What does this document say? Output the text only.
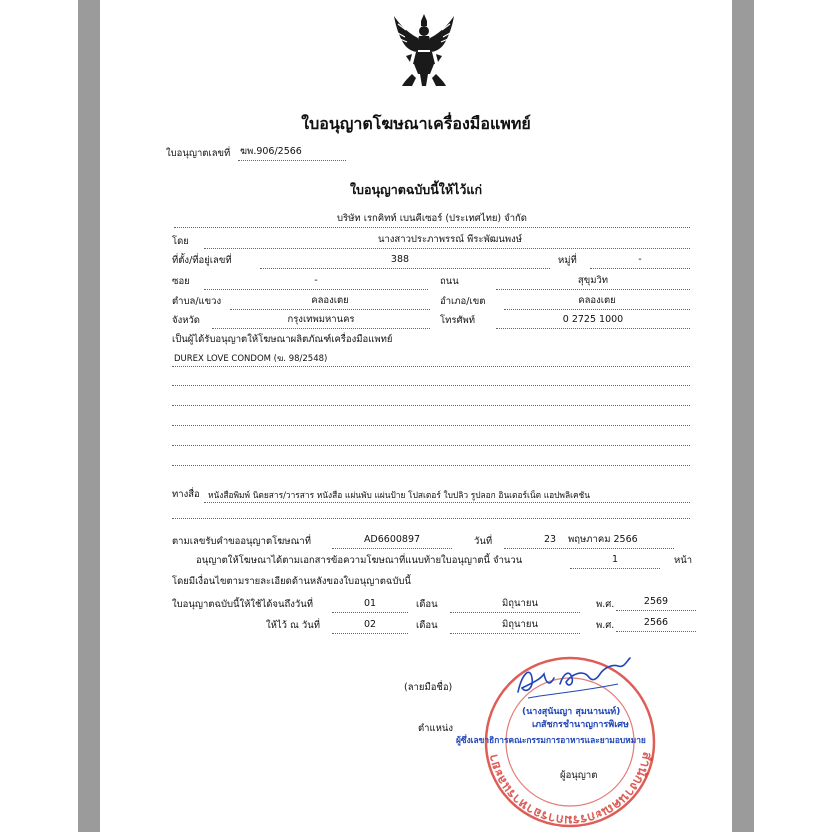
ใบอนุญาตโฆษณาเครื่องมือแพทย์
ใบอนุญาตเลขที่ ฆพ.906/2566
ใบอนุญาตฉบับนี้ให้ไว้แก่
บริษัท เรกคิทท์ เบนคีเซอร์ (ประเทศไทย) จำกัด
โดย	นางสาวประภาพรรณ์ พีระพัฒนพงษ์
ที่ตั้ง/ที่อยู่เลขที่	388	หมู่ที่	-
ซอย	-	ถนน	สุขุมวิท
ตำบล/แขวง	คลองเตย	อำเภอ/เขต	คลองเตย
จังหวัด	กรุงเทพมหานคร	โทรศัพท์	0 2725 1000
เป็นผู้ได้รับอนุญาตให้โฆษณาผลิตภัณฑ์เครื่องมือแพทย์
DUREX LOVE CONDOM (ฆ. 98/2548)
ทางสื่อ หนังสือพิมพ์ นิตยสาร/วารสาร หนังสือ แผ่นพับ แผ่นป้าย โปสเตอร์ ใบปลิว รูปลอก อินเตอร์เน็ต แอปพลิเคชัน
ตามเลขรับคำขออนุญาตโฆษณาที่	AD6600897	วันที่	23 พฤษภาคม 2566
อนุญาตให้โฆษณาได้ตามเอกสารข้อความโฆษณาที่แนบท้ายใบอนุญาตนี้ จำนวน	1	หน้า
โดยมีเงื่อนไขตามรายละเอียดด้านหลังของใบอนุญาตฉบับนี้
ใบอนุญาตฉบับนี้ให้ใช้ได้จนถึงวันที่	01	เดือน	มิถุนายน	พ.ศ.	2569
ให้ไว้ ณ วันที่	02	เดือน	มิถุนายน	พ.ศ.	2566
(ลายมือชื่อ)
ตำแหน่ง
สำนักงานคณะกรรมการอาหารและยา
(นางสุนันญา สุมนานนท์)
เภสัชกรชำนาญการพิเศษ
ผู้ซึ่งเลขาธิการคณะกรรมการอาหารและยามอบหมาย
ผู้อนุญาต
